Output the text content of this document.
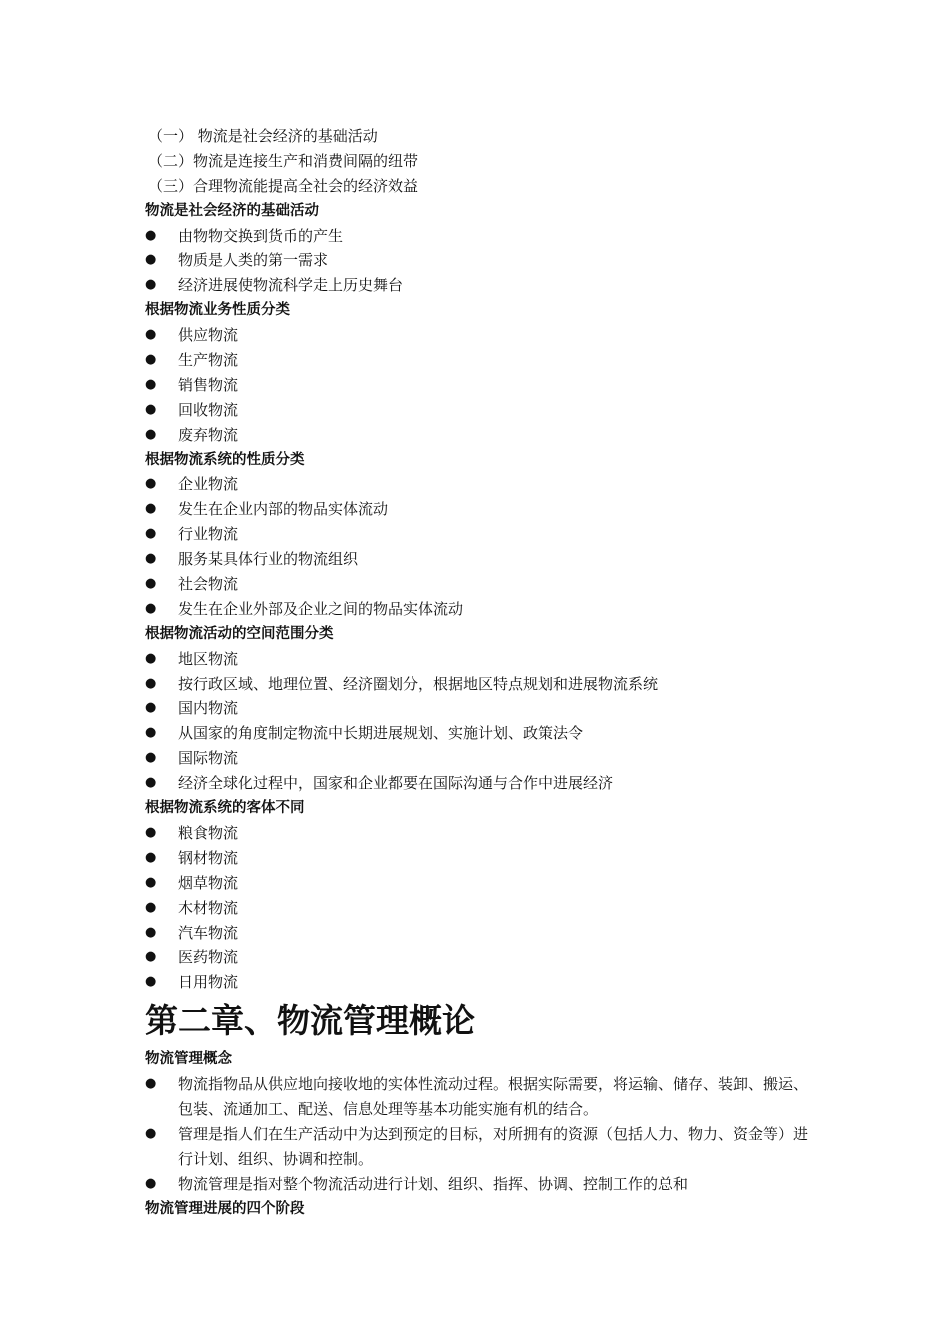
（一） 物流是社会经济的基础活动
（二）物流是连接生产和消费间隔的纽带
（三）合理物流能提高全社会的经济效益
物流是社会经济的基础活动
● 由物物交换到货币的产生
● 物质是人类的第一需求
● 经济进展使物流科学走上历史舞台
根据物流业务性质分类
● 供应物流
● 生产物流
● 销售物流
● 回收物流
● 废弃物流
根据物流系统的性质分类
● 企业物流
● 发生在企业内部的物品实体流动
● 行业物流
● 服务某具体行业的物流组织
● 社会物流
● 发生在企业外部及企业之间的物品实体流动
根据物流活动的空间范围分类
● 地区物流
● 按行政区域、地理位置、经济圈划分，根据地区特点规划和进展物流系统
● 国内物流
● 从国家的角度制定物流中长期进展规划、实施计划、政策法令
● 国际物流
● 经济全球化过程中，国家和企业都要在国际沟通与合作中进展经济
根据物流系统的客体不同
● 粮食物流
● 钢材物流
● 烟草物流
● 木材物流
● 汽车物流
● 医药物流
● 日用物流
第二章、物流管理概论
物流管理概念
● 物流指物品从供应地向接收地的实体性流动过程。根据实际需要，将运输、储存、装卸、搬运、包装、流通加工、配送、信息处理等基本功能实施有机的结合。
● 管理是指人们在生产活动中为达到预定的目标，对所拥有的资源（包括人力、物力、资金等）进行计划、组织、协调和控制。
● 物流管理是指对整个物流活动进行计划、组织、指挥、协调、控制工作的总和
物流管理进展的四个阶段
